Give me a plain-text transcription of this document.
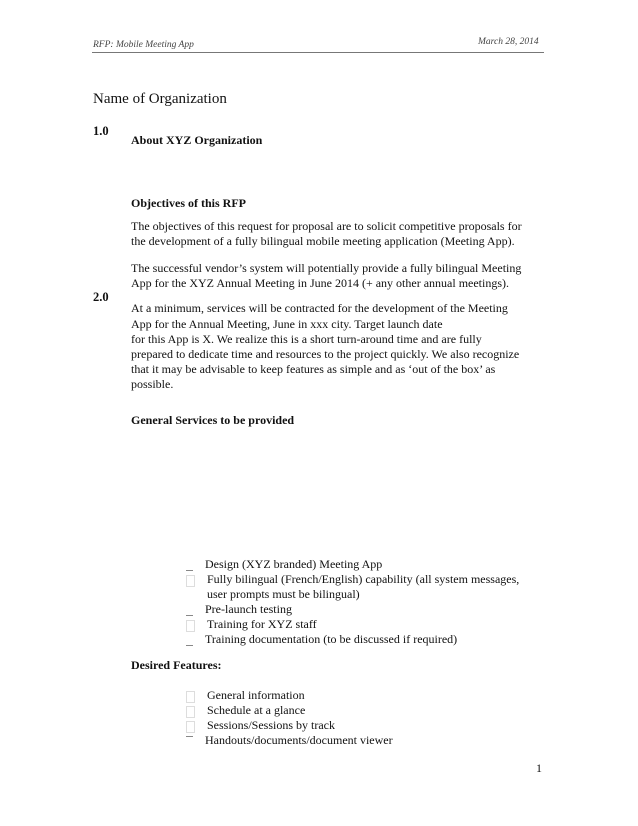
RFP: Mobile Meeting App	March 28, 2014
Name of Organization
1.0
About XYZ Organization
Objectives of this RFP
The objectives of this request for proposal are to solicit competitive proposals for
the development of a fully bilingual mobile meeting application (Meeting App).
The successful vendor’s system will potentially provide a fully bilingual Meeting
App for the XYZ Annual Meeting in June 2014 (+ any other annual meetings).
2.0
At a minimum, services will be contracted for the development of the Meeting
App for the Annual Meeting, June in xxx city. Target launch date
for this App is X. We realize this is a short turn-around time and are fully
prepared to dedicate time and resources to the project quickly. We also recognize
that it may be advisable to keep features as simple and as ‘out of the box’ as
possible.
General Services to be provided
Design (XYZ branded) Meeting App
Fully bilingual (French/English) capability (all system messages,
user prompts must be bilingual)
Pre-launch testing
Training for XYZ staff
Training documentation (to be discussed if required)
Desired Features:
General information
Schedule at a glance
Sessions/Sessions by track
Handouts/documents/document viewer
1
